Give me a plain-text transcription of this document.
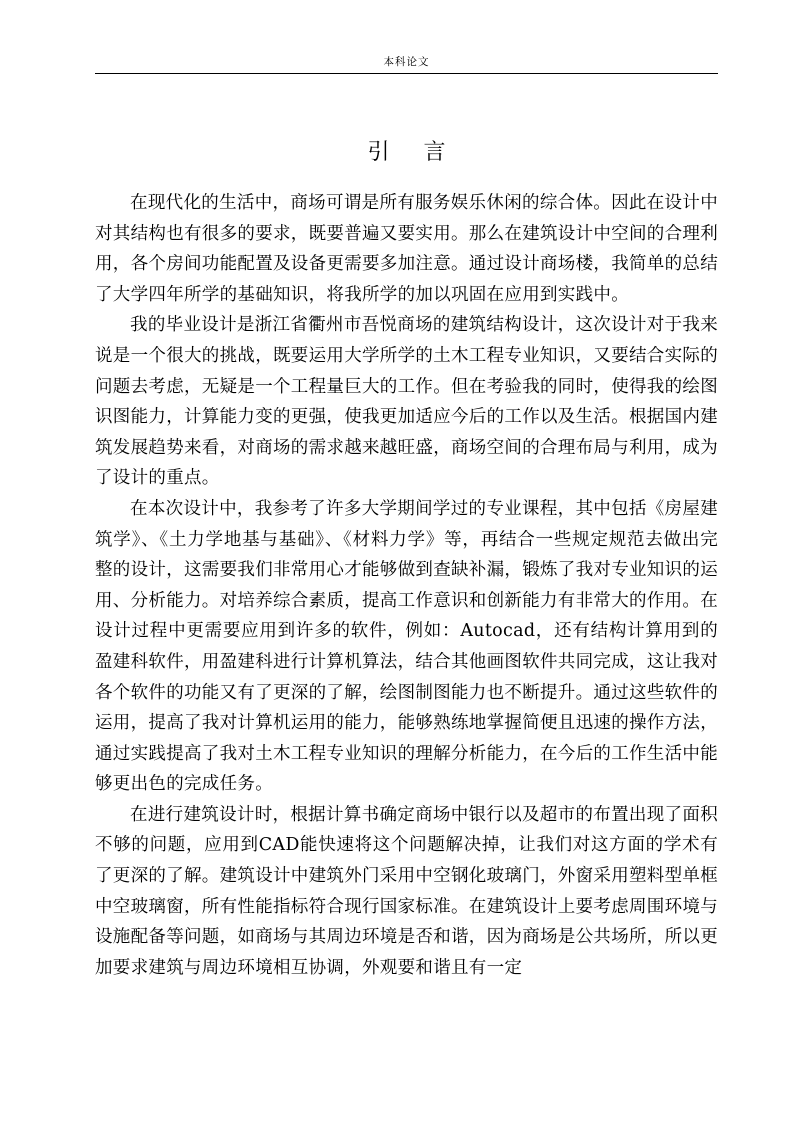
本科论文
引言

在现代化的生活中，商场可谓是所有服务娱乐休闲的综合体。因此在设计中对其结构也有很多的要求，既要普遍又要实用。那么在建筑设计中空间的合理利用，各个房间功能配置及设备更需要多加注意。通过设计商场楼，我简单的总结了大学四年所学的基础知识，将我所学的加以巩固在应用到实践中。

我的毕业设计是浙江省衢州市吾悦商场的建筑结构设计，这次设计对于我来说是一个很大的挑战，既要运用大学所学的土木工程专业知识，又要结合实际的问题去考虑，无疑是一个工程量巨大的工作。但在考验我的同时，使得我的绘图识图能力，计算能力变的更强，使我更加适应今后的工作以及生活。根据国内建筑发展趋势来看，对商场的需求越来越旺盛，商场空间的合理布局与利用，成为了设计的重点。

在本次设计中，我参考了许多大学期间学过的专业课程，其中包括《房屋建筑学》、《土力学地基与基础》、《材料力学》等，再结合一些规定规范去做出完整的设计，这需要我们非常用心才能够做到查缺补漏，锻炼了我对专业知识的运用、分析能力。对培养综合素质，提高工作意识和创新能力有非常大的作用。在设计过程中更需要应用到许多的软件，例如：Autocad，还有结构计算用到的盈建科软件，用盈建科进行计算机算法，结合其他画图软件共同完成，这让我对各个软件的功能又有了更深的了解，绘图制图能力也不断提升。通过这些软件的运用，提高了我对计算机运用的能力，能够熟练地掌握简便且迅速的操作方法，通过实践提高了我对土木工程专业知识的理解分析能力，在今后的工作生活中能够更出色的完成任务。

在进行建筑设计时，根据计算书确定商场中银行以及超市的布置出现了面积不够的问题，应用到CAD能快速将这个问题解决掉，让我们对这方面的学术有了更深的了解。建筑设计中建筑外门采用中空钢化玻璃门，外窗采用塑料型单框中空玻璃窗，所有性能指标符合现行国家标准。在建筑设计上要考虑周围环境与设施配备等问题，如商场与其周边环境是否和谐，因为商场是公共场所，所以更加要求建筑与周边环境相互协调，外观要和谐且有一定
